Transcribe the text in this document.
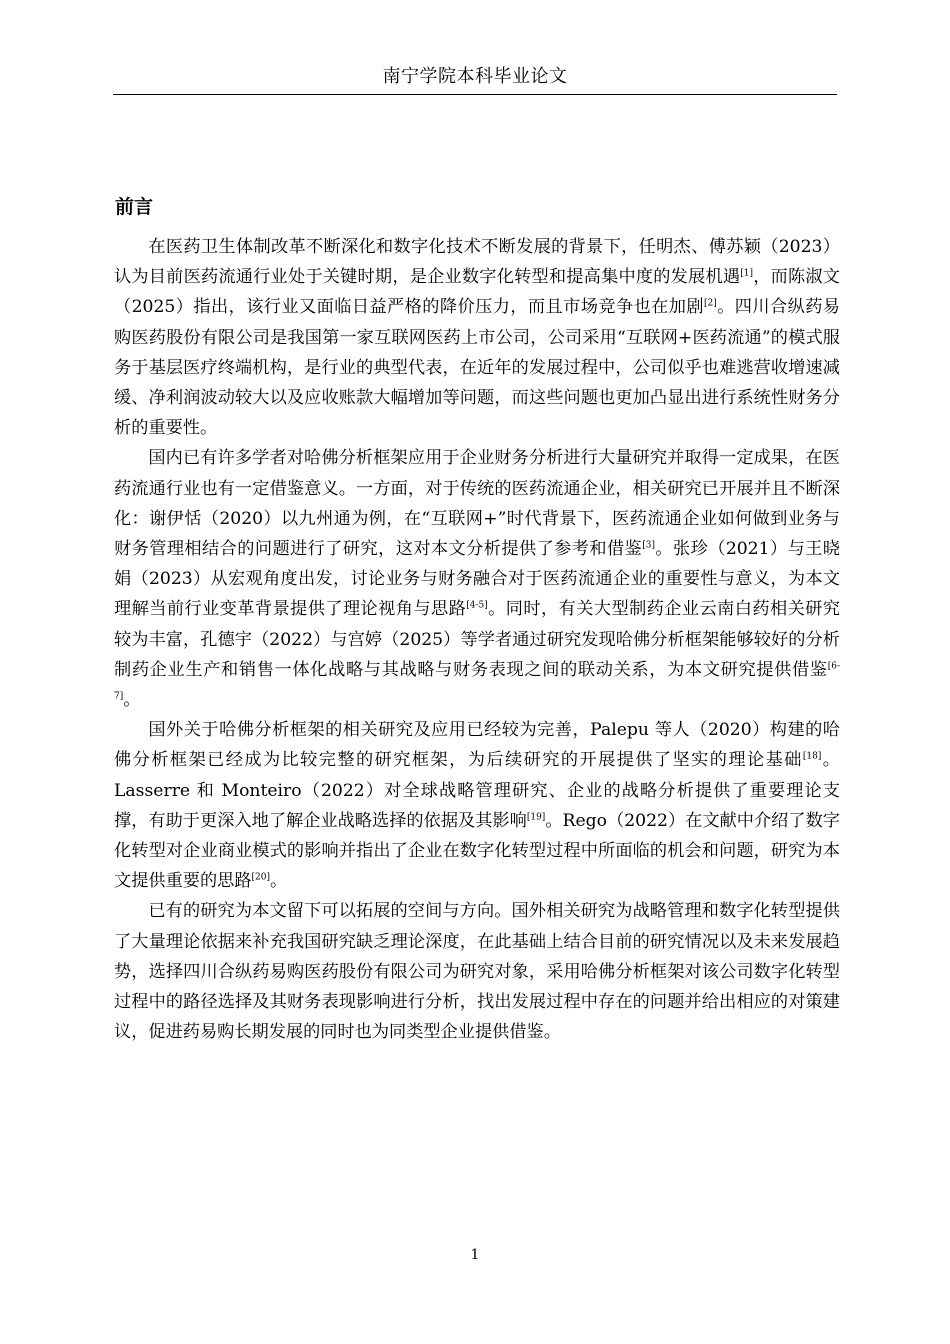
南宁学院本科毕业论文
前言

在医药卫生体制改革不断深化和数字化技术不断发展的背景下，任明杰、傅苏颖（2023）认为目前医药流通行业处于关键时期，是企业数字化转型和提高集中度的发展机遇[1]，而陈淑文（2025）指出，该行业又面临日益严格的降价压力，而且市场竞争也在加剧[2]。四川合纵药易购医药股份有限公司是我国第一家互联网医药上市公司，公司采用“互联网+医药流通”的模式服务于基层医疗终端机构，是行业的典型代表，在近年的发展过程中，公司似乎也难逃营收增速减缓、净利润波动较大以及应收账款大幅增加等问题，而这些问题也更加凸显出进行系统性财务分析的重要性。

国内已有许多学者对哈佛分析框架应用于企业财务分析进行大量研究并取得一定成果，在医药流通行业也有一定借鉴意义。一方面，对于传统的医药流通企业，相关研究已开展并且不断深化：谢伊恬（2020）以九州通为例，在“互联网+”时代背景下，医药流通企业如何做到业务与财务管理相结合的问题进行了研究，这对本文分析提供了参考和借鉴[3]。张珍（2021）与王晓娟（2023）从宏观角度出发，讨论业务与财务融合对于医药流通企业的重要性与意义，为本文理解当前行业变革背景提供了理论视角与思路[4-5]。同时，有关大型制药企业云南白药相关研究较为丰富，孔德宇（2022）与宫婷（2025）等学者通过研究发现哈佛分析框架能够较好的分析制药企业生产和销售一体化战略与其战略与财务表现之间的联动关系，为本文研究提供借鉴[6-7]。

国外关于哈佛分析框架的相关研究及应用已经较为完善，Palepu 等人（2020）构建的哈佛分析框架已经成为比较完整的研究框架，为后续研究的开展提供了坚实的理论基础[18]。Lasserre 和 Monteiro（2022）对全球战略管理研究、企业的战略分析提供了重要理论支撑，有助于更深入地了解企业战略选择的依据及其影响[19]。Rego（2022）在文献中介绍了数字化转型对企业商业模式的影响并指出了企业在数字化转型过程中所面临的机会和问题，研究为本文提供重要的思路[20]。

已有的研究为本文留下可以拓展的空间与方向。国外相关研究为战略管理和数字化转型提供了大量理论依据来补充我国研究缺乏理论深度，在此基础上结合目前的研究情况以及未来发展趋势，选择四川合纵药易购医药股份有限公司为研究对象，采用哈佛分析框架对该公司数字化转型过程中的路径选择及其财务表现影响进行分析，找出发展过程中存在的问题并给出相应的对策建议，促进药易购长期发展的同时也为同类型企业提供借鉴。

1
